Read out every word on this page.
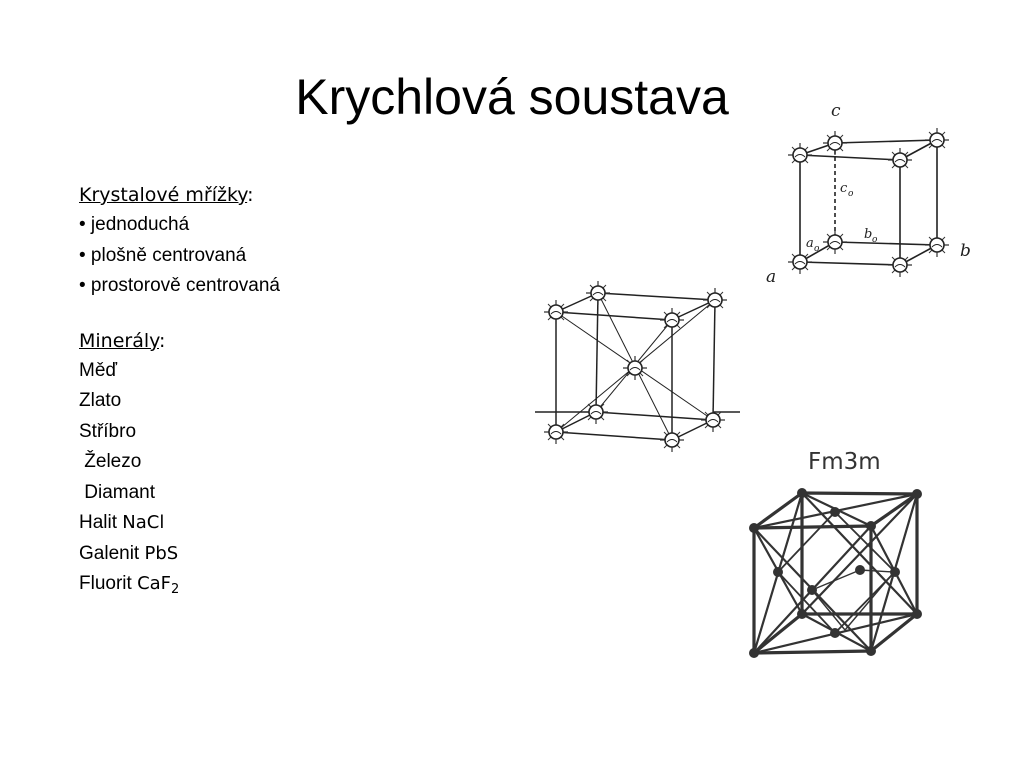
Krychlová soustava
Krystalové mřížky:
• jednoduchá
• plošně centrovaná
• prostorově centrovaná
Minerály:
Měď
Zlato
Stříbro
Železo
Diamant
Halit NaCl
Galenit PbS
Fluorit CaF$_2$
c
c o
b o
a o
a
b
Fm3m
